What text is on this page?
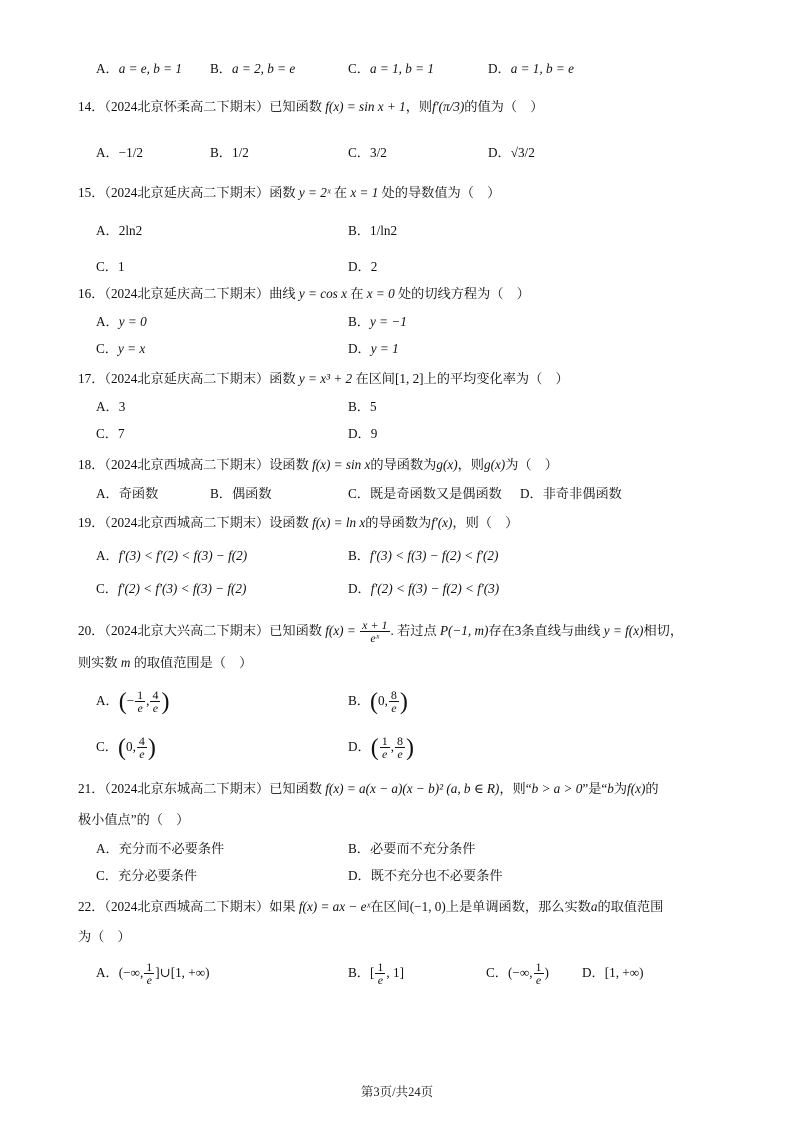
A．a = e, b = 1 B．a = 2, b = e	C．a = 1, b = 1	D．a = 1, b = e
14．（2024北京怀柔高二下期末）已知函数 f(x) = sin x + 1，则f′(π/3)的值为（　）
A．−1/2	B．1/2	C．3/2	D．√3/2
15．（2024北京延庆高二下期末）函数 y = 2ˣ 在 x = 1 处的导数值为（　）
A．2ln2	B．1/ln2
C．1	D．2
16．（2024北京延庆高二下期末）曲线 y = cos x 在 x = 0 处的切线方程为（　）
A．y = 0	B．y = −1
C．y = x	D．y = 1
17．（2024北京延庆高二下期末）函数 y = x³ + 2 在区间[1, 2]上的平均变化率为（　）
A．3	B．5
C．7	D．9
18．（2024北京西城高二下期末）设函数 f(x) = sin x的导函数为g(x)，则g(x)为（　）
A．奇函数	B．偶函数	C．既是奇函数又是偶函数 D．非奇非偶函数
19．（2024北京西城高二下期末）设函数 f(x) = ln x的导函数为f′(x)，则（　）
A．f′(3) < f′(2) < f(3) − f(2)	B．f′(3) < f(3) − f(2) < f′(2)
C．f′(2) < f′(3) < f(3) − f(2)	D．f′(2) < f(3) − f(2) < f′(3)
20．（2024北京大兴高二下期末）已知函数 $f(x) = \frac{x + 1}{\text{eˣ}}$ . 若过点 P(−1, m)存在3条直线与曲线 y = f(x)相切，
则实数 m 的取值范围是（　）
A．(− $\frac{1}{e}$ , $\frac{4}{e}$ )	B．(0, $\frac{8}{e}$ )
C．(0, $\frac{4}{e}$ )	D．( $\frac{1}{e}$ , $\frac{8}{e}$ )
21．（2024北京东城高二下期末）已知函数 f(x) = a(x − a)(x − b)² (a, b ∈ R)，则“b > a > 0”是“b为f(x)的
极小值点”的（　）
A．充分而不必要条件	B．必要而不充分条件
C．充分必要条件	D．既不充分也不必要条件
22．（2024北京西城高二下期末）如果 f(x) = ax − eˣ在区间(−1, 0)上是单调函数，那么实数a的取值范围
为（　）
A．(−∞, $\frac{1}{e}$ ]∪[1, +∞)	B．[ $\frac{1}{e}$ , 1]	C．(−∞, $\frac{1}{e}$ )	D．[1, +∞)
第3页/共24页
